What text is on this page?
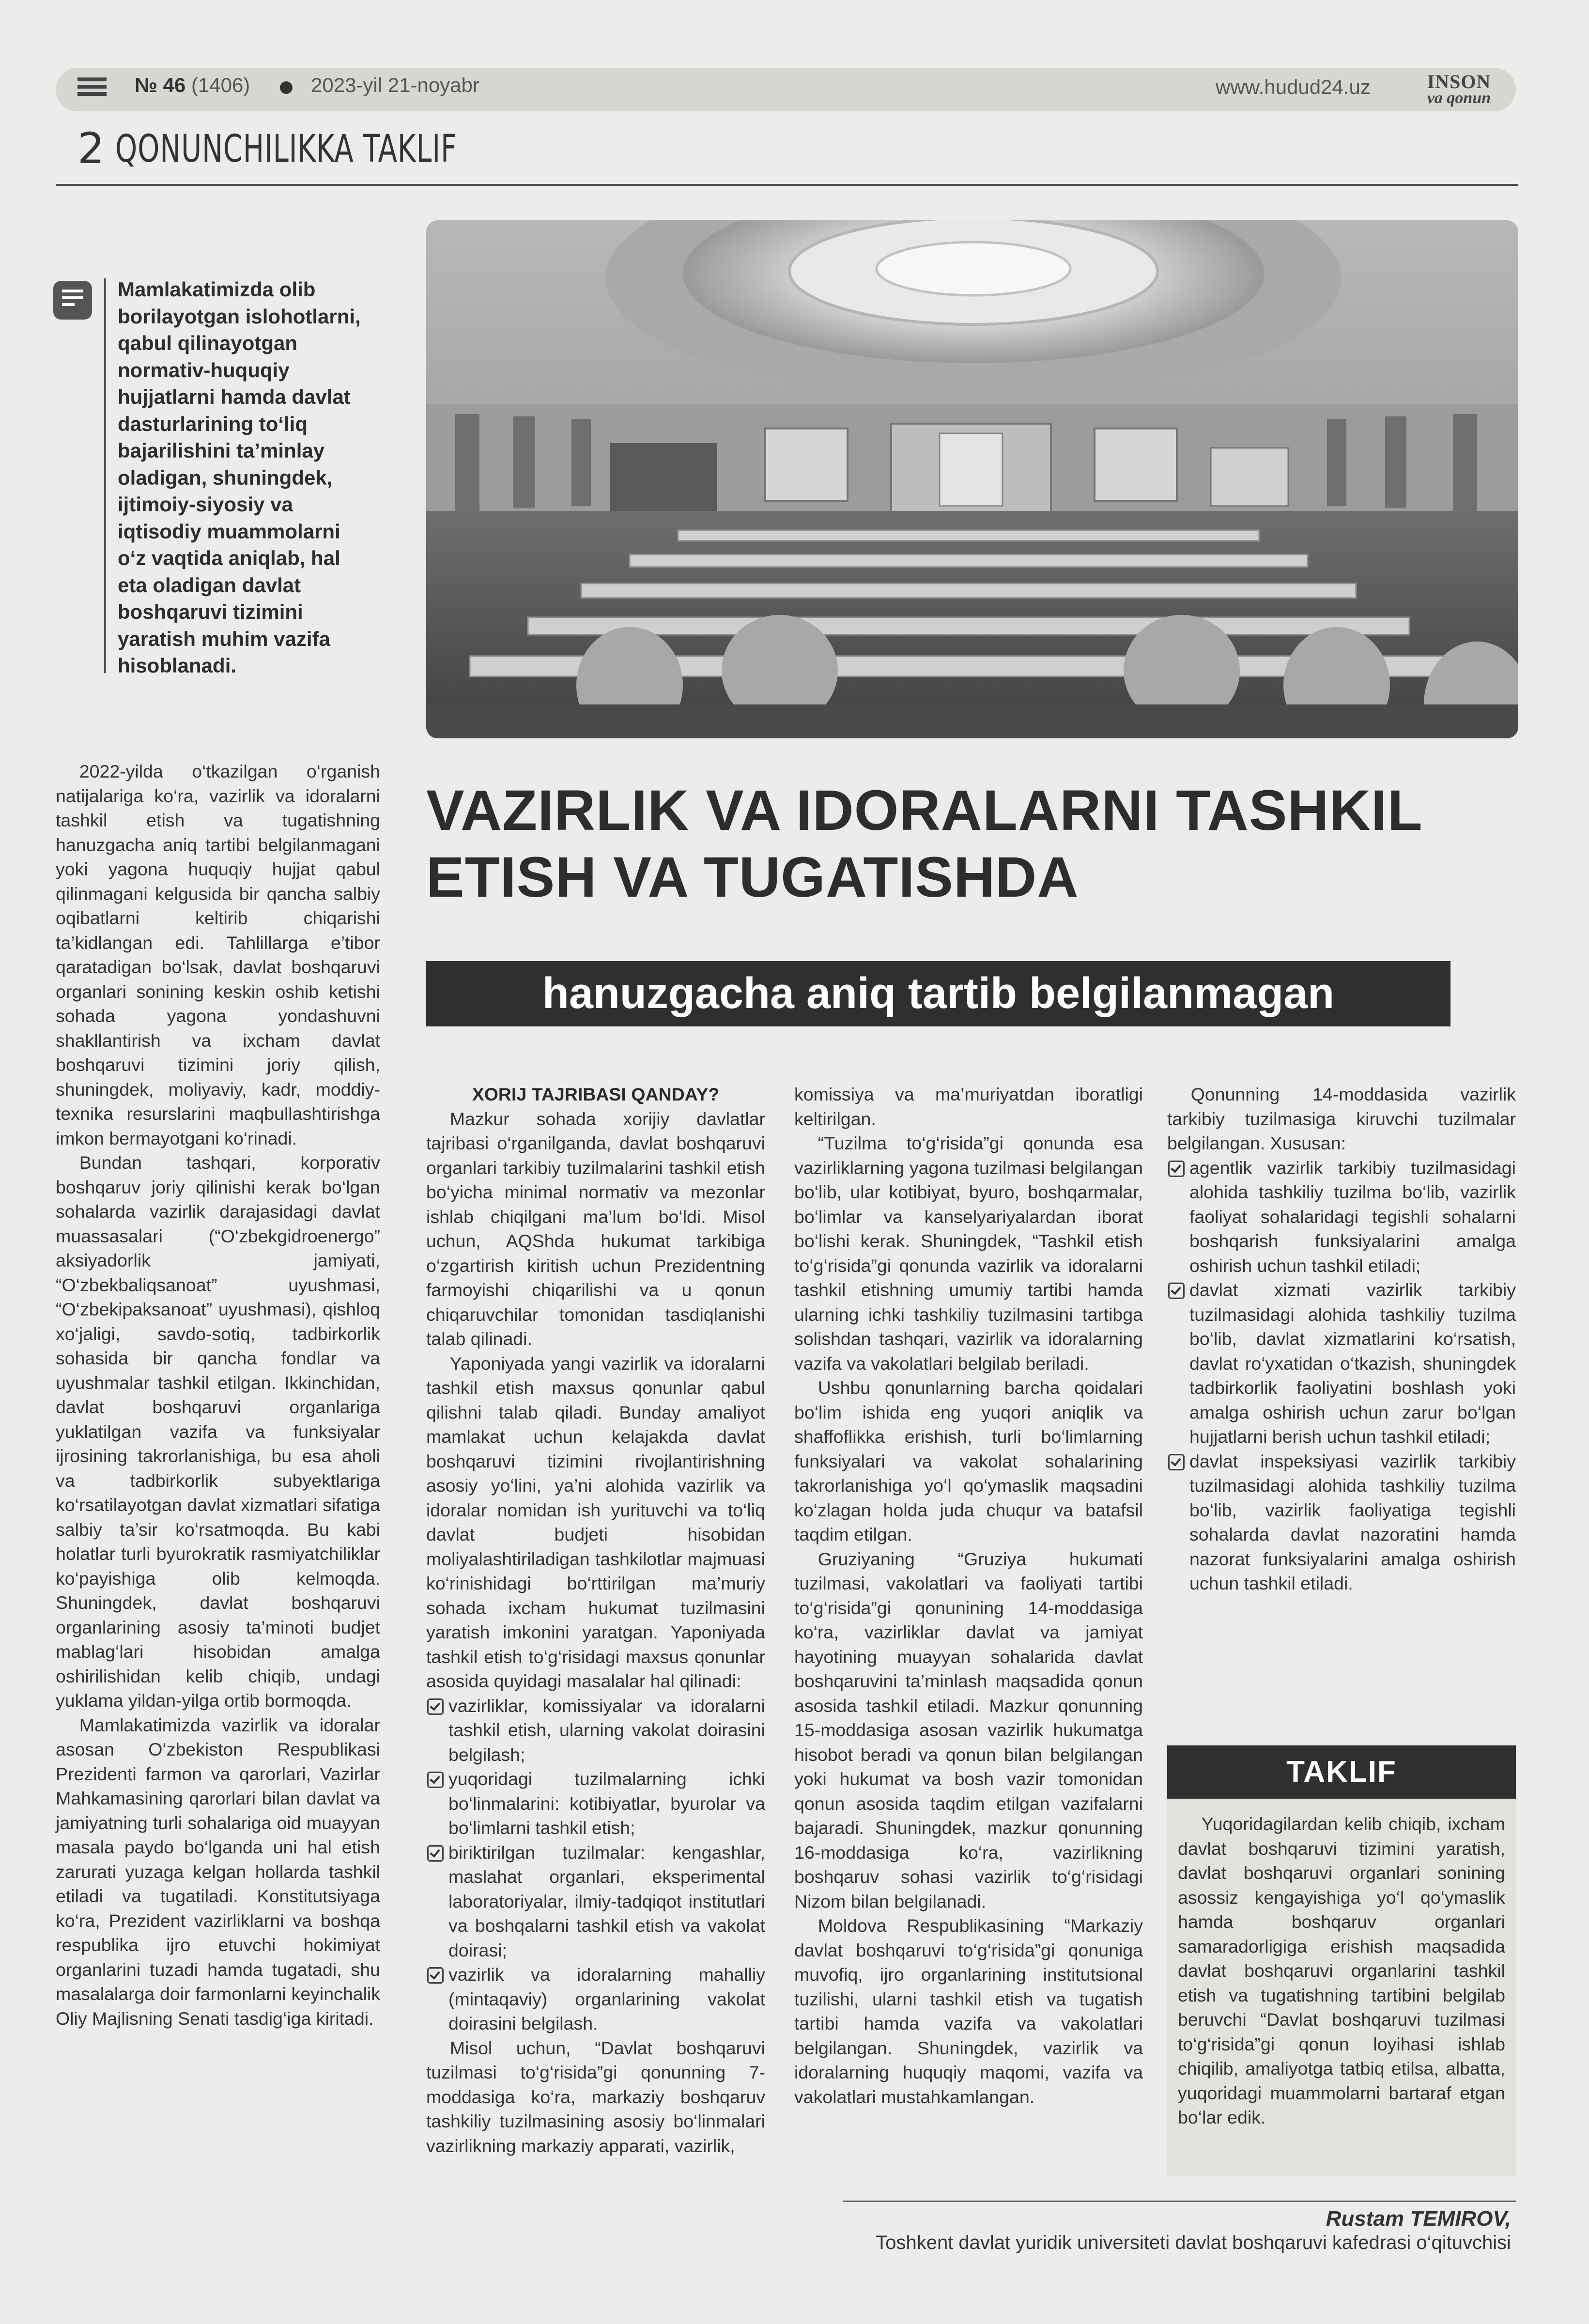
№ 46 (1406)	2023-yil 21-noyabr	www.hudud24.uz	INSON
va qonun
2 QONUNCHILIKKA TAKLIF
Mamlakatimizda olib borilayotgan islohotlarni, qabul qilinayotgan normativ-huquqiy hujjatlarni hamda davlat dasturlarining to‘liq bajarilishini ta’minlay oladigan, shuningdek, ijtimoiy-siyosiy va iqtisodiy muammolarni o‘z vaqtida aniqlab, hal eta oladigan davlat boshqaruvi tizimini yaratish muhim vazifa hisoblanadi.
VAZIRLIK VA IDORALARNI TASHKIL ETISH VA TUGATISHDA
hanuzgacha aniq tartib belgilanmagan

2022-yilda o‘tkazilgan o‘rganish natijalariga ko‘ra, vazirlik va idoralarni tashkil etish va tugatishning hanuzgacha aniq tartibi belgilanmagani yoki yagona huquqiy hujjat qabul qilinmagani kelgusida bir qancha salbiy oqibatlarni keltirib chiqarishi ta’kidlangan edi. Tahlillarga e’tibor qaratadigan bo‘lsak, davlat boshqaruvi organlari sonining keskin oshib ketishi sohada yagona yondashuvni shakllantirish va ixcham davlat boshqaruvi tizimini joriy qilish, shuningdek, moliyaviy, kadr, moddiy-texnika resurslarini maqbullashtirishga imkon bermayotgani ko‘rinadi.

Bundan tashqari, korporativ boshqaruv joriy qilinishi kerak bo‘lgan sohalarda vazirlik darajasidagi davlat muassasalari (“O‘zbekgidroenergo” aksiyadorlik jamiyati, “O‘zbekbaliqsanoat” uyushmasi, “O‘zbekipaksanoat” uyushmasi), qishloq xo‘jaligi, savdo-sotiq, tadbirkorlik sohasida bir qancha fondlar va uyushmalar tashkil etilgan. Ikkinchidan, davlat boshqaruvi organlariga yuklatilgan vazifa va funksiyalar ijrosining takrorlanishiga, bu esa aholi va tadbirkorlik subyektlariga ko‘rsatilayotgan davlat xizmatlari sifatiga salbiy ta’sir ko‘rsatmoqda. Bu kabi holatlar turli byurokratik rasmiyatchiliklar ko‘payishiga olib kelmoqda. Shuningdek, davlat boshqaruvi organlarining asosiy ta’minoti budjet mablag‘lari hisobidan amalga oshirilishidan kelib chiqib, undagi yuklama yildan-yilga ortib bormoqda.

Mamlakatimizda vazirlik va idoralar asosan O‘zbekiston Respublikasi Prezidenti farmon va qarorlari, Vazirlar Mahkamasining qarorlari bilan davlat va jamiyatning turli sohalariga oid muayyan masala paydo bo‘lganda uni hal etish zarurati yuzaga kelgan hollarda tashkil etiladi va tugatiladi. Konstitutsiyaga ko‘ra, Prezident vazirliklarni va boshqa respublika ijro etuvchi hokimiyat organlarini tuzadi hamda tugatadi, shu masalalarga doir farmonlarni keyinchalik Oliy Majlisning Senati tasdig‘iga kiritadi.

XORIJ TAJRIBASI QANDAY?

Mazkur sohada xorijiy davlatlar tajribasi o‘rganilganda, davlat boshqaruvi organlari tarkibiy tuzilmalarini tashkil etish bo‘yicha minimal normativ va mezonlar ishlab chiqilgani ma’lum bo‘ldi. Misol uchun, AQShda hukumat tarkibiga o‘zgartirish kiritish uchun Prezidentning farmoyishi chiqarilishi va u qonun chiqaruvchilar tomonidan tasdiqlanishi talab qilinadi.

Yaponiyada yangi vazirlik va idoralarni tashkil etish maxsus qonunlar qabul qilishni talab qiladi. Bunday amaliyot mamlakat uchun kelajakda davlat boshqaruvi tizimini rivojlantirishning asosiy yo‘lini, ya’ni alohida vazirlik va idoralar nomidan ish yurituvchi va to‘liq davlat budjeti hisobidan moliyalashtiriladigan tashkilotlar majmuasi ko‘rinishidagi bo‘rttirilgan ma’muriy sohada ixcham hukumat tuzilmasini yaratish imkonini yaratgan. Yaponiyada tashkil etish to‘g‘risidagi maxsus qonunlar asosida quyidagi masalalar hal qilinadi:

vazirliklar, komissiyalar va idoralarni tashkil etish, ularning vakolat doirasini belgilash;
yuqoridagi tuzilmalarning ichki bo‘linmalarini: kotibiyatlar, byurolar va bo‘limlarni tashkil etish;
biriktirilgan tuzilmalar: kengashlar, maslahat organlari, eksperimental laboratoriyalar, ilmiy-tadqiqot institutlari va boshqalarni tashkil etish va vakolat doirasi;
vazirlik va idoralarning mahalliy (mintaqaviy) organlarining vakolat doirasini belgilash.

Misol uchun, “Davlat boshqaruvi tuzilmasi to‘g‘risida”gi qonunning 7-moddasiga ko‘ra, markaziy boshqaruv tashkiliy tuzilmasining asosiy bo‘linmalari vazirlikning markaziy apparati, vazirlik,

komissiya va ma’muriyatdan iboratligi keltirilgan.

“Tuzilma to‘g‘risida”gi qonunda esa vazirliklarning yagona tuzilmasi belgilangan bo‘lib, ular kotibiyat, byuro, boshqarmalar, bo‘limlar va kanselyariyalardan iborat bo‘lishi kerak. Shuningdek, “Tashkil etish to‘g‘risida”gi qonunda vazirlik va idoralarni tashkil etishning umumiy tartibi hamda ularning ichki tashkiliy tuzilmasini tartibga solishdan tashqari, vazirlik va idoralarning vazifa va vakolatlari belgilab beriladi.

Ushbu qonunlarning barcha qoidalari bo‘lim ishida eng yuqori aniqlik va shaffoflikka erishish, turli bo‘limlarning funksiyalari va vakolat sohalarining takrorlanishiga yo‘l qo‘ymaslik maqsadini ko‘zlagan holda juda chuqur va batafsil taqdim etilgan.

Gruziyaning “Gruziya hukumati tuzilmasi, vakolatlari va faoliyati tartibi to‘g‘risida”gi qonunining 14-moddasiga ko‘ra, vazirliklar davlat va jamiyat hayotining muayyan sohalarida davlat boshqaruvini ta’minlash maqsadida qonun asosida tashkil etiladi. Mazkur qonunning 15-moddasiga asosan vazirlik hukumatga hisobot beradi va qonun bilan belgilangan yoki hukumat va bosh vazir tomonidan qonun asosida taqdim etilgan vazifalarni bajaradi. Shuningdek, mazkur qonunning 16-moddasiga ko‘ra, vazirlikning boshqaruv sohasi vazirlik to‘g‘risidagi Nizom bilan belgilanadi.

Moldova Respublikasining “Markaziy davlat boshqaruvi to‘g‘risida”gi qonuniga muvofiq, ijro organlarining institutsional tuzilishi, ularni tashkil etish va tugatish tartibi hamda vazifa va vakolatlari belgilangan. Shuningdek, vazirlik va idoralarning huquqiy maqomi, vazifa va vakolatlari mustahkamlangan.

Qonunning 14-moddasida vazirlik tarkibiy tuzilmasiga kiruvchi tuzilmalar belgilangan. Xususan:

agentlik vazirlik tarkibiy tuzilmasidagi alohida tashkiliy tuzilma bo‘lib, vazirlik faoliyat sohalaridagi tegishli sohalarni boshqarish funksiyalarini amalga oshirish uchun tashkil etiladi;
davlat xizmati vazirlik tarkibiy tuzilmasidagi alohida tashkiliy tuzilma bo‘lib, davlat xizmatlarini ko‘rsatish, davlat ro‘yxatidan o‘tkazish, shuningdek tadbirkorlik faoliyatini boshlash yoki amalga oshirish uchun zarur bo‘lgan hujjatlarni berish uchun tashkil etiladi;
davlat inspeksiyasi vazirlik tarkibiy tuzilmasidagi alohida tashkiliy tuzilma bo‘lib, vazirlik faoliyatiga tegishli sohalarda davlat nazoratini hamda nazorat funksiyalarini amalga oshirish uchun tashkil etiladi.
TAKLIF

Yuqoridagilardan kelib chiqib, ixcham davlat boshqaruvi tizimini yaratish, davlat boshqaruvi organlari sonining asossiz kengayishiga yo‘l qo‘ymaslik hamda boshqaruv organlari samaradorligiga erishish maqsadida davlat boshqaruvi organlarini tashkil etish va tugatishning tartibini belgilab beruvchi “Davlat boshqaruvi tuzilmasi to‘g‘risida”gi qonun loyihasi ishlab chiqilib, amaliyotga tatbiq etilsa, albatta, yuqoridagi muammolarni bartaraf etgan bo‘lar edik.

Rustam TEMIROV,
Toshkent davlat yuridik universiteti davlat boshqaruvi kafedrasi o‘qituvchisi
